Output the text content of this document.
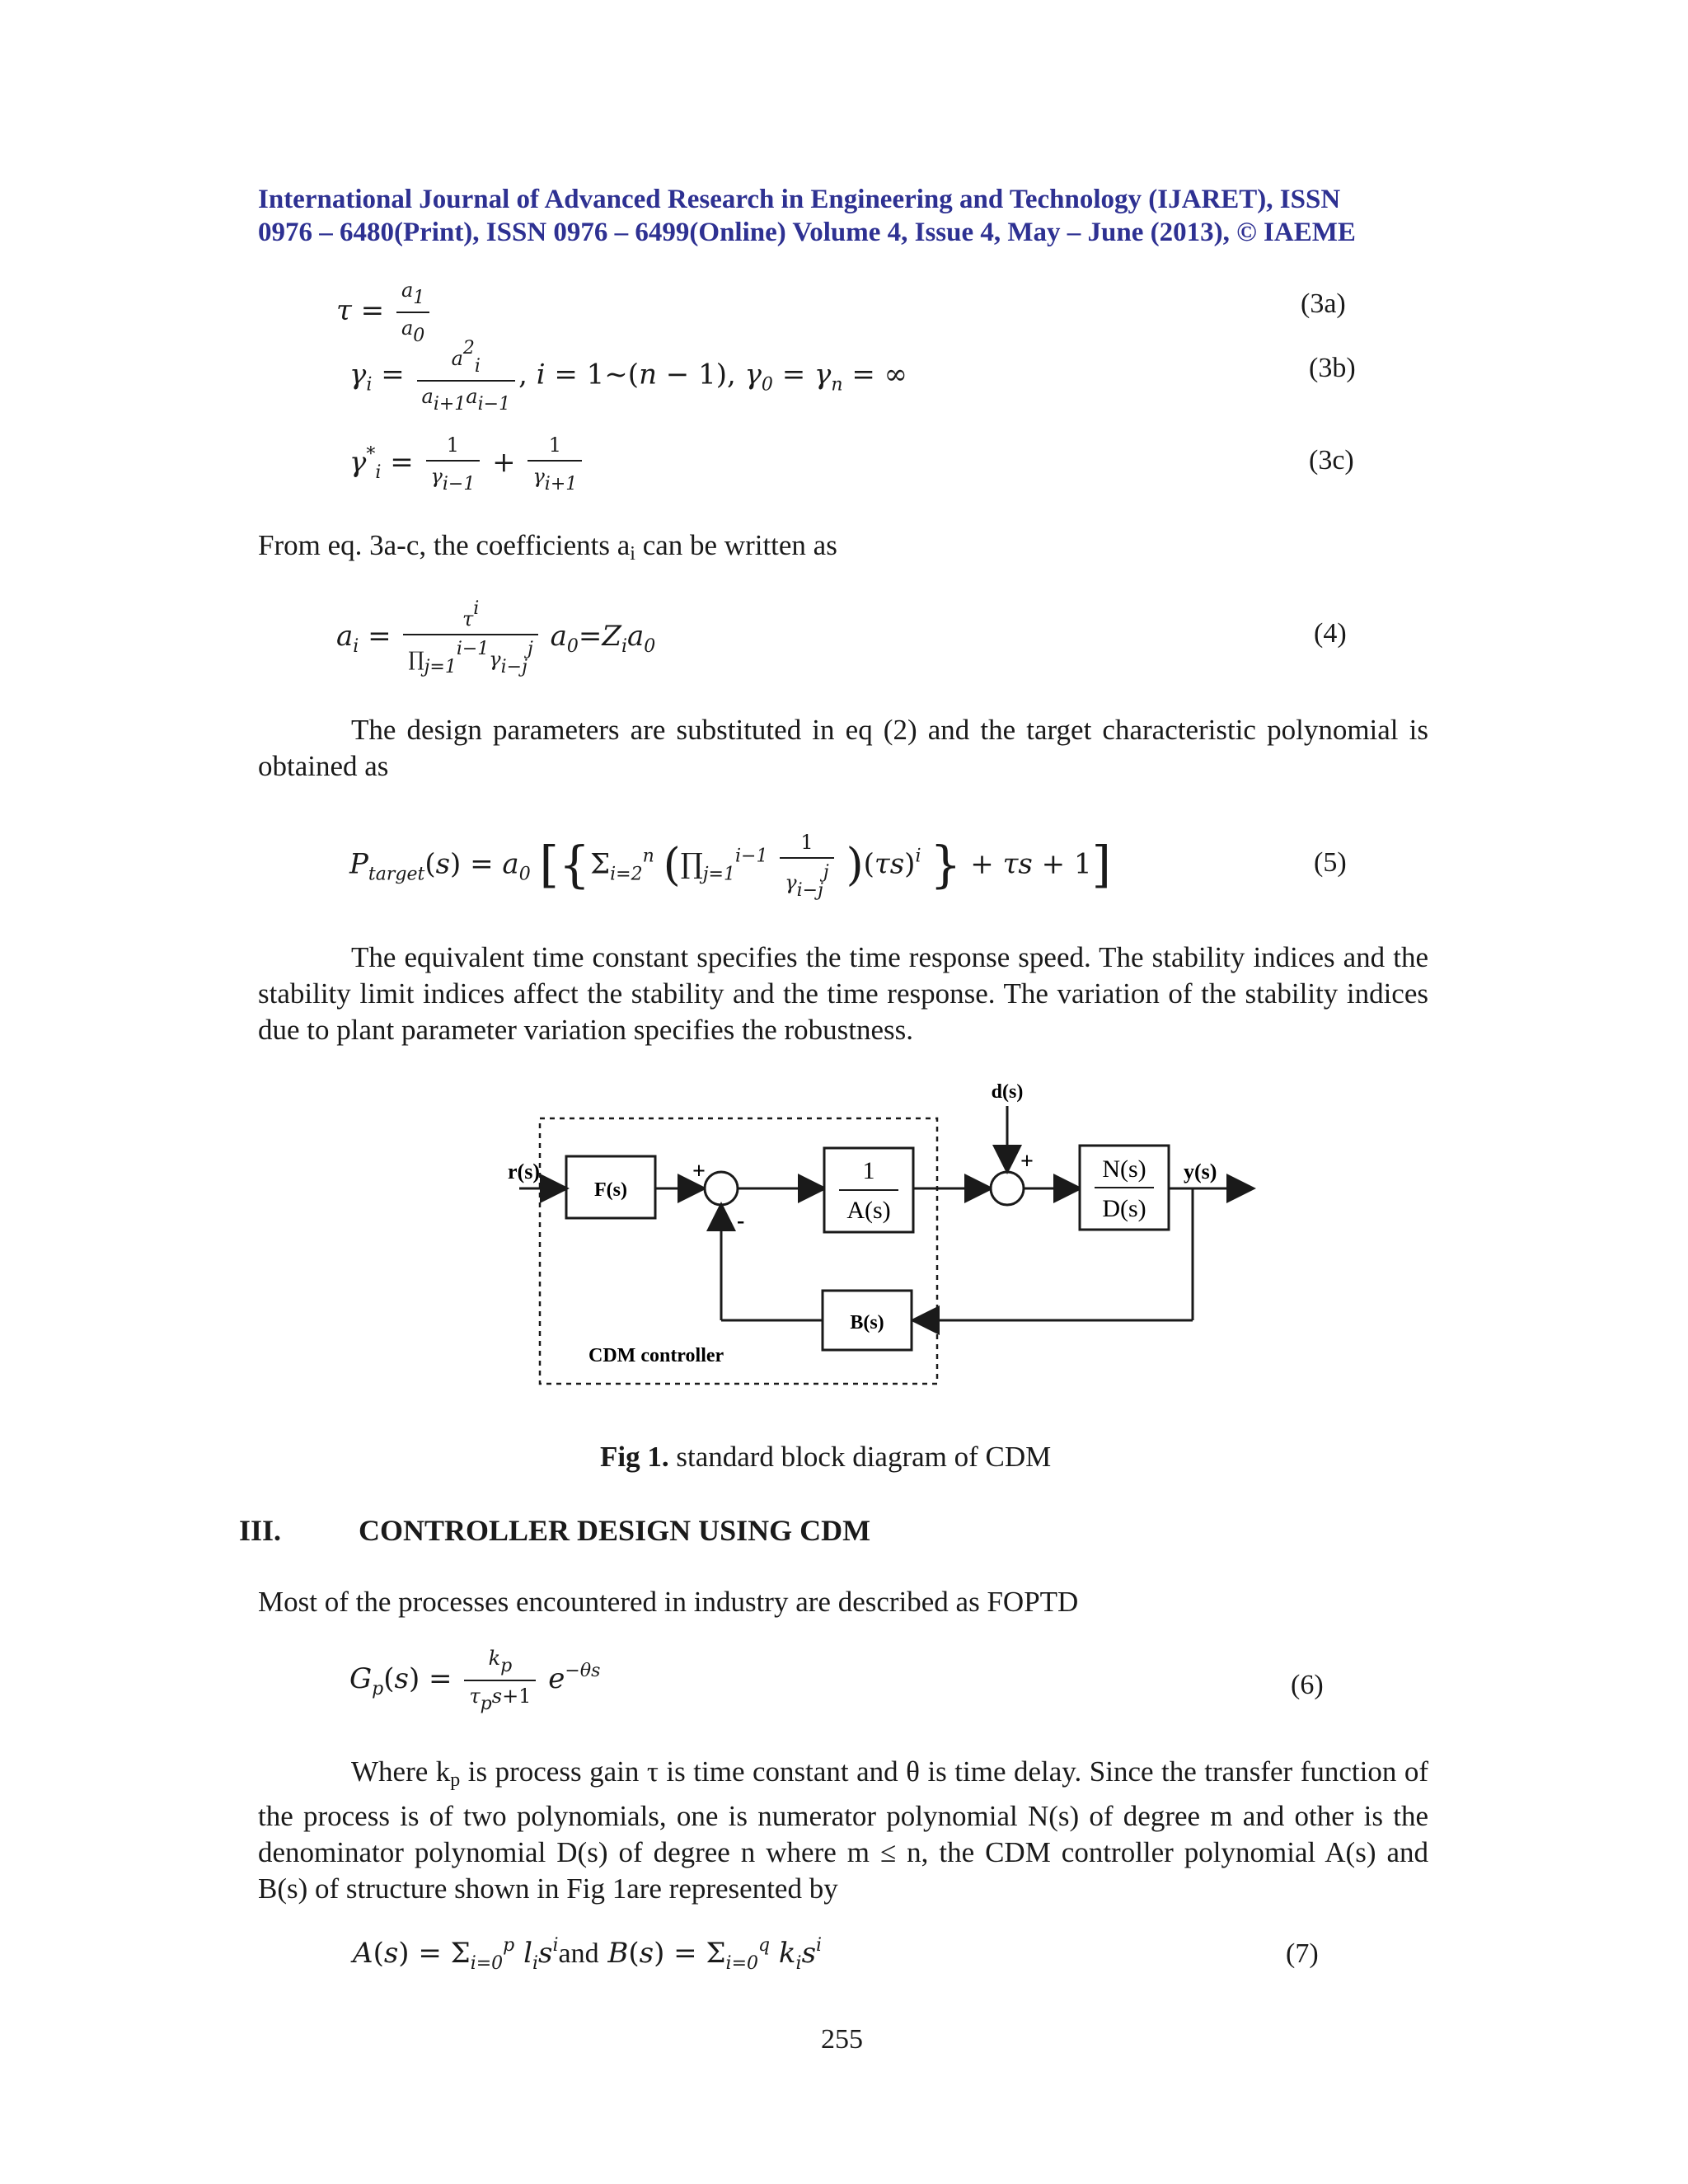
International Journal of Advanced Research in Engineering and Technology (IJARET), ISSN
0976 – 6480(Print), ISSN 0976 – 6499(Online) Volume 4, Issue 4, May – June (2013), © IAEME
$\tau = \frac{a1}{a0}$	(3a)
$\gamma_i = \frac{a2i}{ai+1ai-1}$ , i = 1~(n − 1), $\gamma_0 = \gamma_n$ = ∞	(3b)
$\gamma^*_i = \frac{1}{\gamma i-1} + \frac{1}{\gamma i+1}$	(3c)
From eq. 3a-c, the coefficients ai can be written as
$a_i = \frac{\tau i}{\prod j=1i-1\gamma i-jj} a_0=Z_ia_0$	(4)
The design parameters are substituted in eq (2) and the target characteristic polynomial is obtained as
$P_{target}(s) = a_0$ [{$\Sigma_{i=2}^n$ $(\prod_{j=1}^{i-1} \frac{1}{\gamma i-jj} )(\tau s)^i$ } + τs + 1]	(5)
The equivalent time constant specifies the time response speed. The stability indices and the stability limit indices affect the stability and the time response. The variation of the stability indices due to plant parameter variation specifies the robustness.
F(s)
r(s)	+
-
1
A(s)
+
d(s)
N(s)
D(s)
y(s)
B(s)
CDM controller
Fig 1. standard block diagram of CDM
III.	CONTROLLER DESIGN USING CDM
Most of the processes encountered in industry are described as FOPTD
$G_p(s) = \frac{kp}{\text{τps+1}} e^{-\theta s}$	(6)
Where kp is process gain τ is time constant and θ is time delay. Since the transfer function of the process is of two polynomials, one is numerator polynomial N(s) of degree m and other is the denominator polynomial D(s) of degree n where m ≤ n, the CDM controller polynomial A(s) and B(s) of structure shown in Fig 1are represented by
$A(s) = \Sigma_{i=0}^p$ $l_is^iand$ $B(s) = \Sigma_{i=0}^q$ $k_is^i$	(7)
255
